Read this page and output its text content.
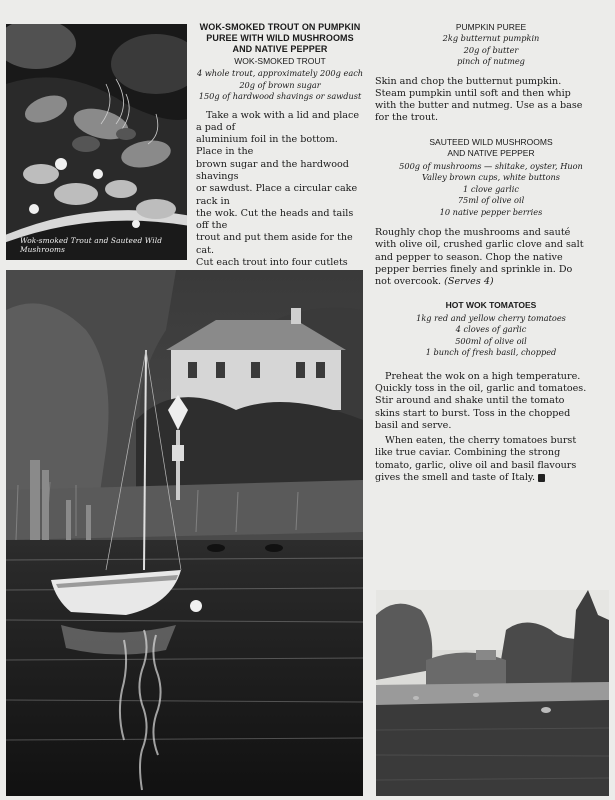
Wok-smoked Trout and Sauteed Wild Mushrooms
WOK-SMOKED TROUT ON PUMPKIN
PUREE WITH WILD MUSHROOMS
AND NATIVE PEPPER
WOK-SMOKED TROUT

4 whole trout, approximately 200g each

20g of brown sugar

150g of hardwood shavings or sawdust

Take a wok with a lid and place a pad of

aluminium foil in the bottom. Place in the

brown sugar and the hardwood shavings

or sawdust. Place a circular cake rack in

the wok. Cut the heads and tails off the

trout and put them aside for the cat.

Cut each trout into four cutlets

PUMPKIN PUREE

2kg butternut pumpkin

20g of butter

pinch of nutmeg

Skin and chop the butternut pumpkin.

Steam pumpkin until soft and then whip

with the butter and nutmeg. Use as a base

for the trout.

SAUTEED WILD MUSHROOMS
AND NATIVE PEPPER

500g of mushrooms — shitake, oyster, Huon

Valley brown cups, white buttons

1 clove garlic

75ml of olive oil

10 native pepper berries

Roughly chop the mushrooms and sauté

with olive oil, crushed garlic clove and salt

and pepper to season. Chop the native

pepper berries finely and sprinkle in. Do

not overcook. (Serves 4)

HOT WOK TOMATOES

1kg red and yellow cherry tomatoes

4 cloves of garlic

500ml of olive oil

1 bunch of fresh basil, chopped

Preheat the wok on a high temperature.

Quickly toss in the oil, garlic and tomatoes.

Stir around and shake until the tomato

skins start to burst. Toss in the chopped

basil and serve.

When eaten, the cherry tomatoes burst

like true caviar. Combining the strong

tomato, garlic, olive oil and basil flavours

gives the smell and taste of Italy.
